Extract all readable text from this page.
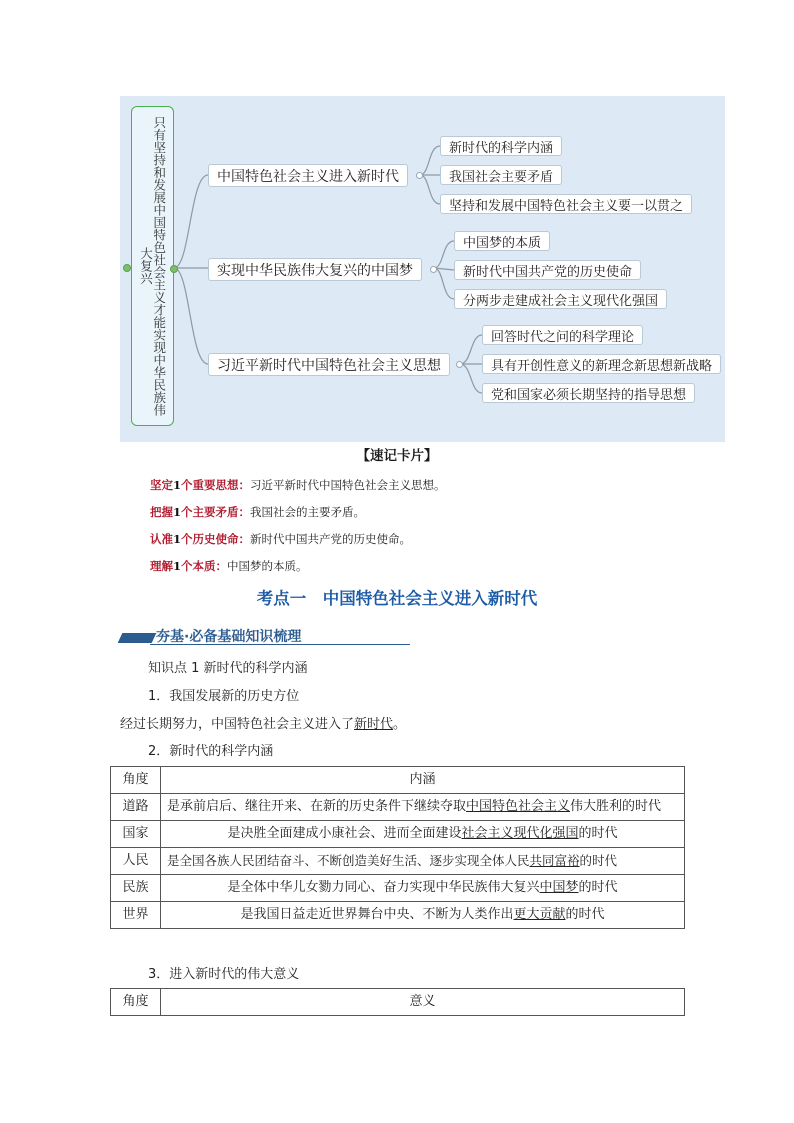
只有坚持和发展中国特色社会主义才能实现中华民族伟大复兴
中国特色社会主义进入新时代
实现中华民族伟大复兴的中国梦
习近平新时代中国特色社会主义思想
新时代的科学内涵
我国社会主要矛盾
坚持和发展中国特色社会主义要一以贯之
中国梦的本质
新时代中国共产党的历史使命
分两步走建成社会主义现代化强国
回答时代之问的科学理论
具有开创性意义的新理念新思想新战略
党和国家必须长期坚持的指导思想
【速记卡片】
坚定1个重要思想：习近平新时代中国特色社会主义思想。
把握1个主要矛盾：我国社会的主要矛盾。
认准1个历史使命：新时代中国共产党的历史使命。
理解1个本质：中国梦的本质。
考点一　中国特色社会主义进入新时代
夯基·必备基础知识梳理
知识点 1 新时代的科学内涵
1．我国发展新的历史方位
经过长期努力，中国特色社会主义进入了新时代。
2．新时代的科学内涵
角度	内涵
道路	是承前启后、继往开来、在新的历史条件下继续夺取中国特色社会主义伟大胜利的时代
国家	是决胜全面建成小康社会、进而全面建设社会主义现代化强国的时代
人民	是全国各族人民团结奋斗、不断创造美好生活、逐步实现全体人民共同富裕的时代
民族	是全体中华儿女勠力同心、奋力实现中华民族伟大复兴中国梦的时代
世界	是我国日益走近世界舞台中央、不断为人类作出更大贡献的时代
3．进入新时代的伟大意义
角度	意义
